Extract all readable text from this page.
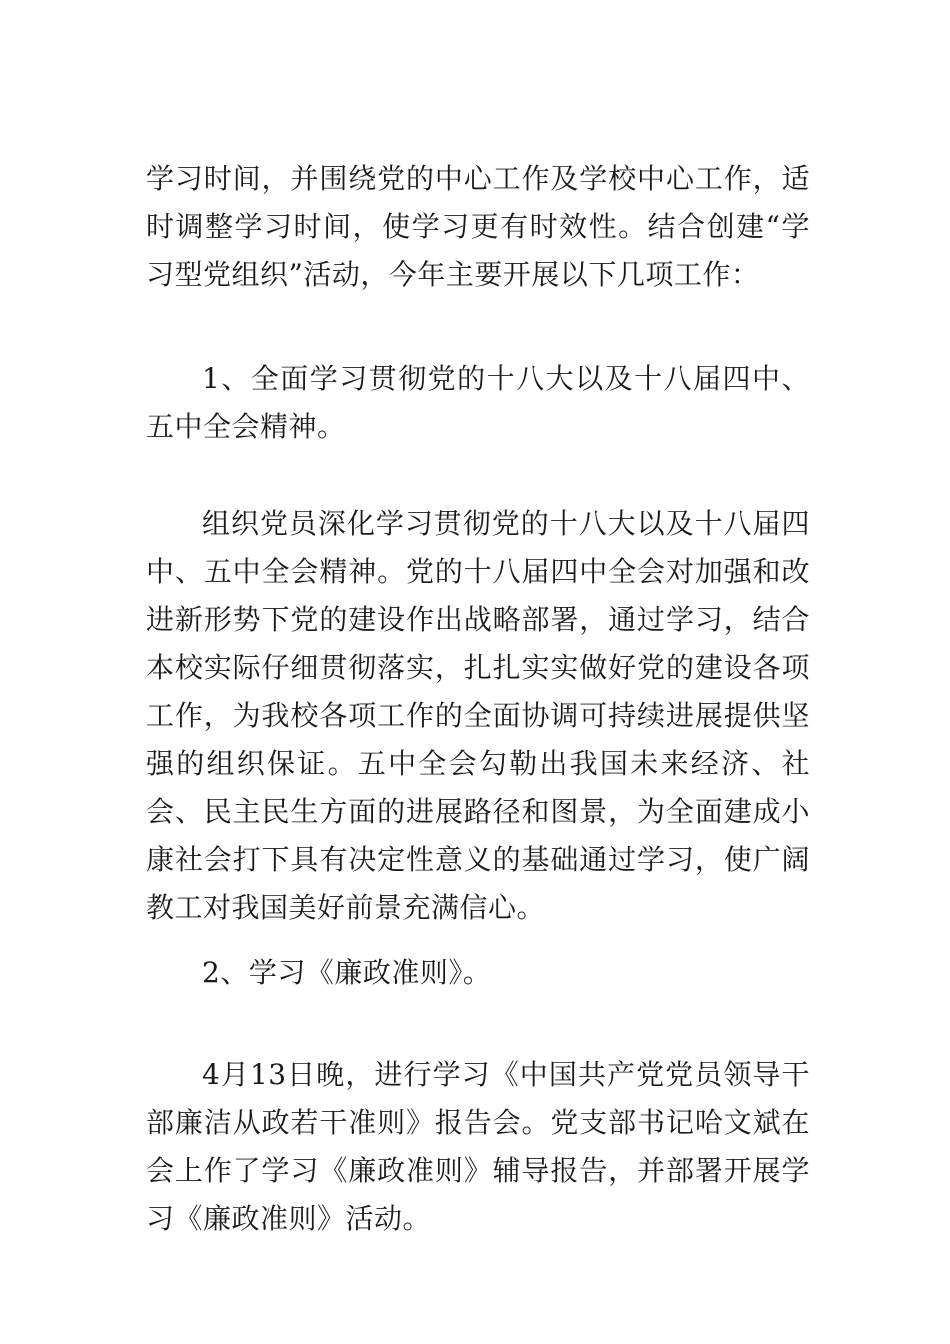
学习时间，并围绕党的中心工作及学校中心工作，适时调整学习时间，使学习更有时效性。结合创建“学习型党组织”活动，今年主要开展以下几项工作：

1、全面学习贯彻党的十八大以及十八届四中、五中全会精神。

组织党员深化学习贯彻党的十八大以及十八届四中、五中全会精神。党的十八届四中全会对加强和改进新形势下党的建设作出战略部署，通过学习，结合本校实际仔细贯彻落实，扎扎实实做好党的建设各项工作，为我校各项工作的全面协调可持续进展提供坚强的组织保证。五中全会勾勒出我国未来经济、社会、民主民生方面的进展路径和图景，为全面建成小康社会打下具有决定性意义的基础通过学习，使广阔教工对我国美好前景充满信心。

2、学习《廉政准则》。

4月13日晚，进行学习《中国共产党党员领导干部廉洁从政若干准则》报告会。党支部书记哈文斌在会上作了学习《廉政准则》辅导报告，并部署开展学习《廉政准则》活动。
